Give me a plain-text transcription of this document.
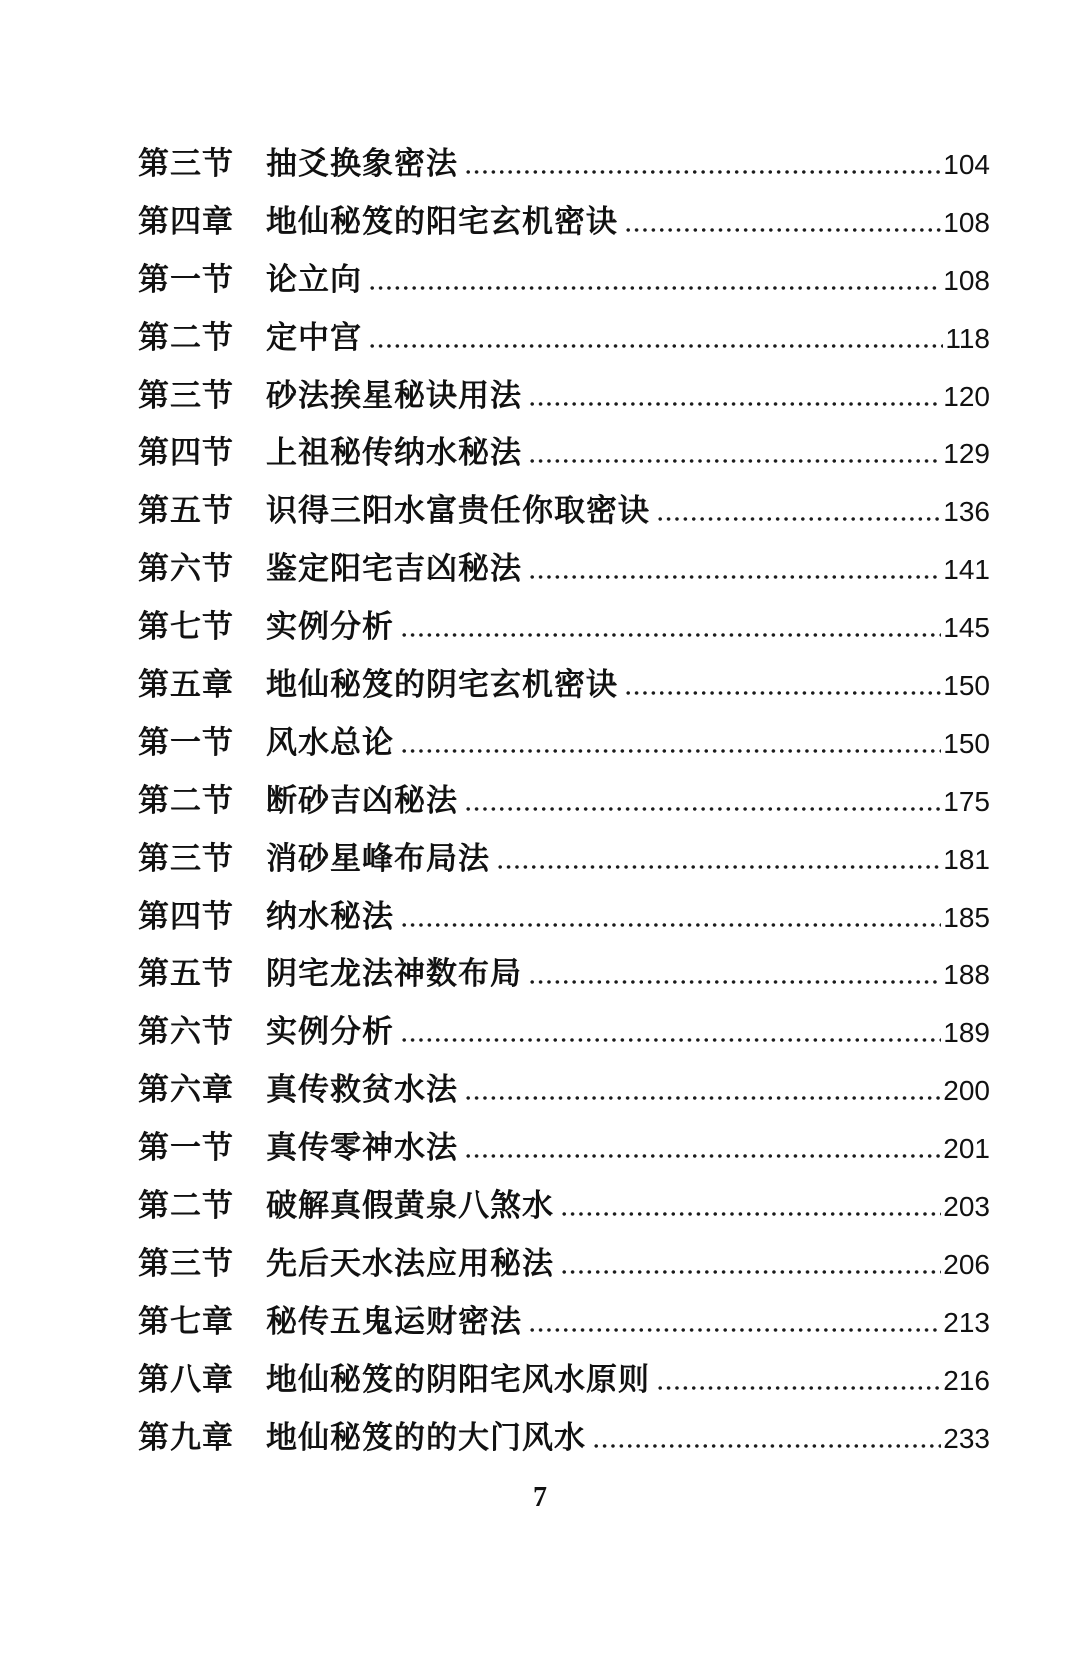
第三节	抽爻换象密法	104
第四章	地仙秘笈的阳宅玄机密诀	108
第一节	论立向	108
第二节	定中宫	118
第三节	砂法挨星秘诀用法	120
第四节	上祖秘传纳水秘法	129
第五节	识得三阳水富贵任你取密诀	136
第六节	鉴定阳宅吉凶秘法	141
第七节	实例分析	145
第五章	地仙秘笈的阴宅玄机密诀	150
第一节	风水总论	150
第二节	断砂吉凶秘法	175
第三节	消砂星峰布局法	181
第四节	纳水秘法	185
第五节	阴宅龙法神数布局	188
第六节	实例分析	189
第六章	真传救贫水法	200
第一节	真传零神水法	201
第二节	破解真假黄泉八煞水	203
第三节	先后天水法应用秘法	206
第七章	秘传五鬼运财密法	213
第八章	地仙秘笈的阴阳宅风水原则	216
第九章	地仙秘笈的的大门风水	233
7
